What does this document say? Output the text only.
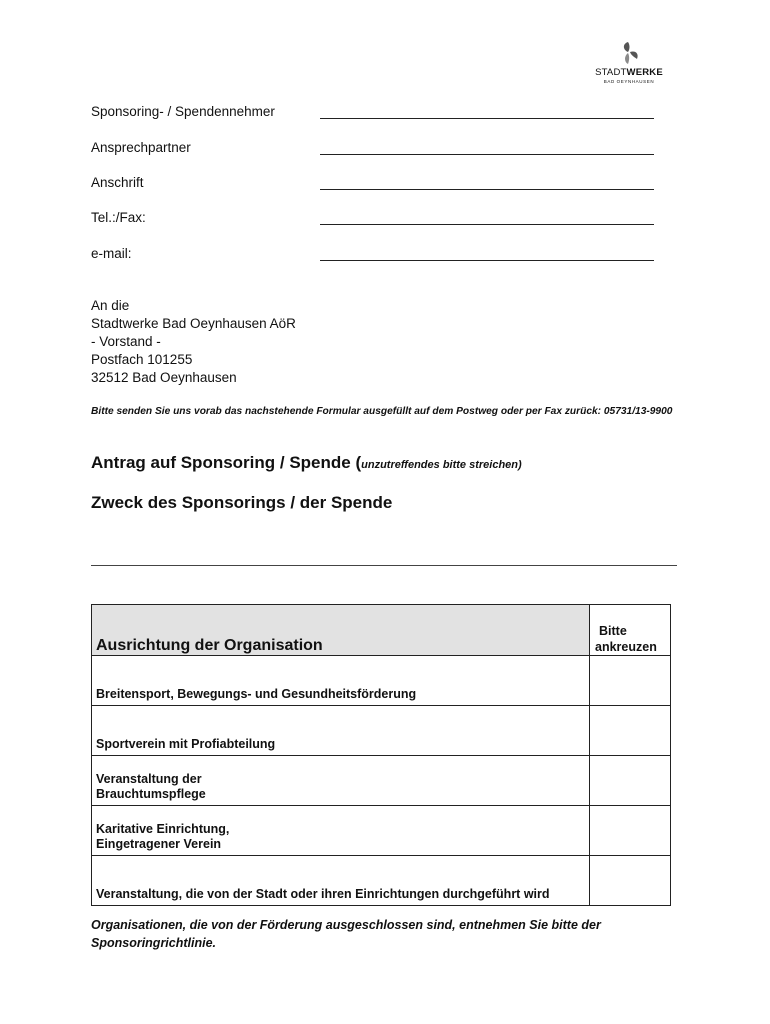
STADTWERKE
BAD OEYNHAUSEN
Sponsoring- / Spendennehmer
Ansprechpartner
Anschrift
Tel.:/Fax:
e-mail:
An die
Stadtwerke Bad Oeynhausen AöR
- Vorstand -
Postfach 101255
32512 Bad Oeynhausen
Bitte senden Sie uns vorab das nachstehende Formular ausgefüllt auf dem Postweg oder per Fax zurück: 05731/13-9900
Antrag auf Sponsoring / Spende (unzutreffendes bitte streichen)
Zweck des Sponsorings / der Spende
Ausrichtung der Organisation
Bitte
ankreuzen
Breitensport, Bewegungs- und Gesundheitsförderung
Sportverein mit Profiabteilung
Veranstaltung der
Brauchtumspflege
Karitative Einrichtung,
Eingetragener Verein
Veranstaltung, die von der Stadt oder ihren Einrichtungen durchgeführt wird
Organisationen, die von der Förderung ausgeschlossen sind, entnehmen Sie bitte der Sponsoringrichtlinie.
